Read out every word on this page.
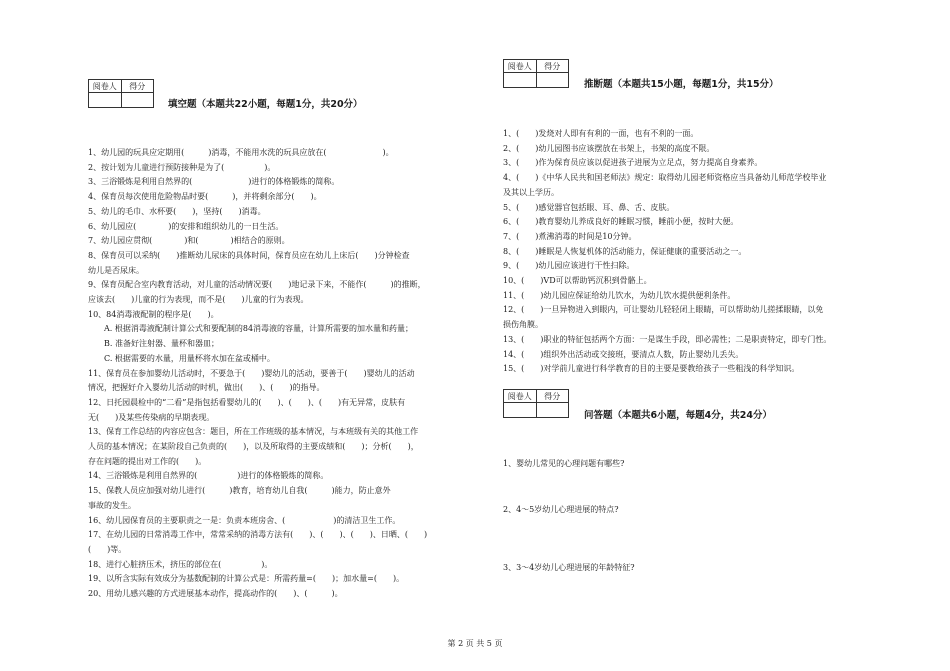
阅卷人	得分

填空题（本题共22小题，每题1分，共20分）
1、幼儿园的玩具应定期用(　　　)消毒，不能用水洗的玩具应放在(　　　　　　　)。
2、按计划为儿童进行预防接种是为了(　　　　　)。
3、三浴锻炼是利用自然界的(　　　　　　　)进行的体格锻炼的简称。
4、保育员每次使用危险物品时要(　　　)，并将剩余部分(　　)。
5、幼儿的毛巾、水杯要(　　)，坚持(　　)消毒。
6、幼儿园应(　　　　)的安排和组织幼儿的一日生活。
7、幼儿园应贯彻(　　　　)和(　　　　)相结合的原则。
8、保育员可以采纳(　　)推断幼儿尿床的具体时间，保育员应在幼儿上床后(　　)分钟检查
幼儿是否尿床。
9、保育员配合室内教育活动，对儿童的活动情况要(　　)地记录下来，不能作(　　　)的推断，
应该去(　　)儿童的行为表现，而不是(　　)儿童的行为表现。
10、84消毒液配制的程序是(　　)。
　　A. 根据消毒液配制计算公式和要配制的84消毒液的容量，计算所需要的加水量和药量；
　　B. 准备好注射器、量杯和器皿；
　　C. 根据需要的水量，用量杯将水加在盆或桶中。
11、保育员在参加婴幼儿活动时，不要急于(　　)婴幼儿的活动，要善于(　　)婴幼儿的活动
情况，把握好介入婴幼儿活动的时机，做出(　　)、(　　)的指导。
12、日托园晨检中的“二看”是指包括看婴幼儿的(　　)、(　　)、(　　)有无异常，皮肤有
无(　　)及某些传染病的早期表现。
13、保育工作总结的内容应包含：题目，所在工作班级的基本情况，与本班级有关的其他工作
人员的基本情况；在某阶段自己负责的(　　)，以及所取得的主要成绩和(　　)；分析(　　)，
存在问题的提出对工作的(　　)。
14、三浴锻炼是利用自然界的(　　　　　)进行的体格锻炼的简称。
15、保教人员应加强对幼儿进行(　　　)教育，培育幼儿自我(　　　)能力，防止意外
事故的发生。
16、幼儿园保育员的主要职责之一是：负责本班房舍、(　　　　　　)的清洁卫生工作。
17、在幼儿园的日常消毒工作中，常常采纳的消毒方法有(　　)、(　　)、(　　)、日晒、(　　)
(　　)等。
18、进行心脏挤压术，挤压的部位在(　　　　　)。
19、以所含实际有效成分为基数配制的计算公式是：所需药量=(　　)；加水量=(　　)。
20、用幼儿感兴趣的方式进展基本动作，提高动作的(　　)、(　　　)。
阅卷人	得分

推断题（本题共15小题，每题1分，共15分）
1、(　　)发烧对人即有有利的一面，也有不利的一面。
2、(　　)幼儿园图书应该摆放在书架上，书架的高度不限。
3、(　　)作为保育员应该以促进孩子进展为立足点，努力提高自身素养。
4、(　　)《中华人民共和国老师法》规定：取得幼儿园老师资格应当具备幼儿师范学校毕业
及其以上学历。
5、(　　)感觉器官包括眼、耳、鼻、舌、皮肤。
6、(　　)教育婴幼儿养成良好的睡眠习惯，睡前小便，按时大便。
7、(　　)煮沸消毒的时间是10分钟。
8、(　　)睡眠是人恢复机体的活动能力，保证健康的重要活动之一。
9、(　　)幼儿园应该进行干性扫除。
10、(　　)VD可以帮助钙沉积到骨骼上。
11、(　　)幼儿园应保证给幼儿饮水，为幼儿饮水提供便利条件。
12、(　　)一旦异物进入到眼内，可让婴幼儿轻轻闭上眼睛，可以帮助幼儿搓揉眼睛，以免
损伤角膜。
13、(　　)职业的特征包括两个方面：一是谋生手段，即必需性；二是职责特定，即专门性。
14、(　　)组织外出活动或交接班，要清点人数，防止婴幼儿丢失。
15、(　　)对学前儿童进行科学教育的目的主要是要教给孩子一些粗浅的科学知识。
阅卷人	得分

问答题（本题共6小题，每题4分，共24分）
1、婴幼儿常见的心理问题有哪些?
2、4～5岁幼儿心理进展的特点?
3、3～4岁幼儿心理进展的年龄特征?
第 2 页 共 5 页
